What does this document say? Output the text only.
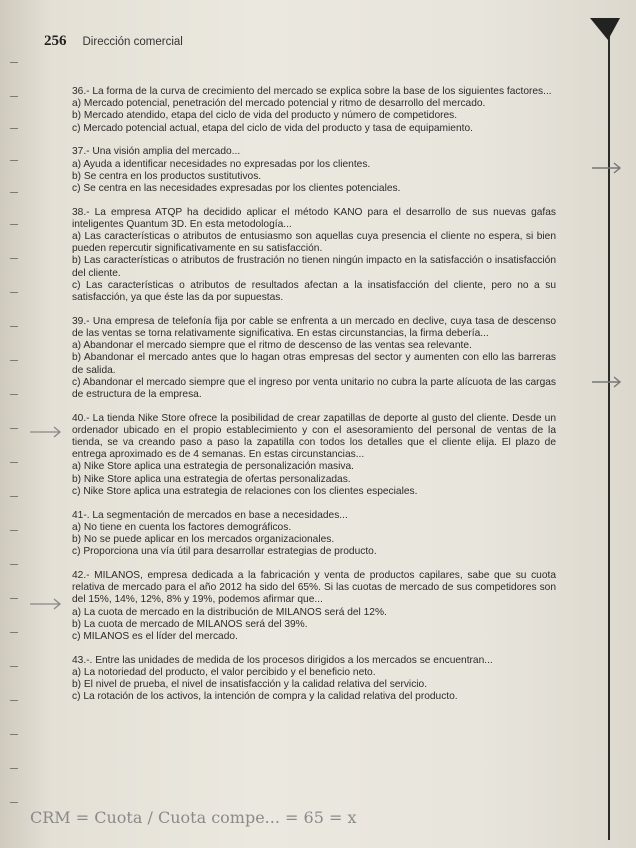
256 Dirección comercial
36.- La forma de la curva de crecimiento del mercado se explica sobre la base de los siguientes factores...
a) Mercado potencial, penetración del mercado potencial y ritmo de desarrollo del mercado.
b) Mercado atendido, etapa del ciclo de vida del producto y número de competidores.
c) Mercado potencial actual, etapa del ciclo de vida del producto y tasa de equipamiento.
37.- Una visión amplia del mercado...
a) Ayuda a identificar necesidades no expresadas por los clientes.
b) Se centra en los productos sustitutivos.
c) Se centra en las necesidades expresadas por los clientes potenciales.
38.- La empresa ATQP ha decidido aplicar el método KANO para el desarrollo de sus nuevas gafas inteligentes Quantum 3D. En esta metodología...
a) Las características o atributos de entusiasmo son aquellas cuya presencia el cliente no espera, si bien pueden repercutir significativamente en su satisfacción.
b) Las características o atributos de frustración no tienen ningún impacto en la satisfacción o insatisfacción del cliente.
c) Las características o atributos de resultados afectan a la insatisfacción del cliente, pero no a su satisfacción, ya que éste las da por supuestas.
39.- Una empresa de telefonía fija por cable se enfrenta a un mercado en declive, cuya tasa de descenso de las ventas se torna relativamente significativa. En estas circunstancias, la firma debería...
a) Abandonar el mercado siempre que el ritmo de descenso de las ventas sea relevante.
b) Abandonar el mercado antes que lo hagan otras empresas del sector y aumenten con ello las barreras de salida.
c) Abandonar el mercado siempre que el ingreso por venta unitario no cubra la parte alícuota de las cargas de estructura de la empresa.
40.- La tienda Nike Store ofrece la posibilidad de crear zapatillas de deporte al gusto del cliente. Desde un ordenador ubicado en el propio establecimiento y con el asesoramiento del personal de ventas de la tienda, se va creando paso a paso la zapatilla con todos los detalles que el cliente elija. El plazo de entrega aproximado es de 4 semanas. En estas circunstancias...
a) Nike Store aplica una estrategia de personalización masiva.
b) Nike Store aplica una estrategia de ofertas personalizadas.
c) Nike Store aplica una estrategia de relaciones con los clientes especiales.
41-. La segmentación de mercados en base a necesidades...
a) No tiene en cuenta los factores demográficos.
b) No se puede aplicar en los mercados organizacionales.
c) Proporciona una vía útil para desarrollar estrategias de producto.
42.- MILANOS, empresa dedicada a la fabricación y venta de productos capilares, sabe que su cuota relativa de mercado para el año 2012 ha sido del 65%. Si las cuotas de mercado de sus competidores son del 15%, 14%, 12%, 8% y 19%, podemos afirmar que...
a) La cuota de mercado en la distribución de MILANOS será del 12%.
b) La cuota de mercado de MILANOS será del 39%.
c) MILANOS es el líder del mercado.
43.-. Entre las unidades de medida de los procesos dirigidos a los mercados se encuentran...
a) La notoriedad del producto, el valor percibido y el beneficio neto.
b) El nivel de prueba, el nivel de insatisfacción y la calidad relativa del servicio.
c) La rotación de los activos, la intención de compra y la calidad relativa del producto.
CRM = Cuota / Cuota compe... = 65 = x
